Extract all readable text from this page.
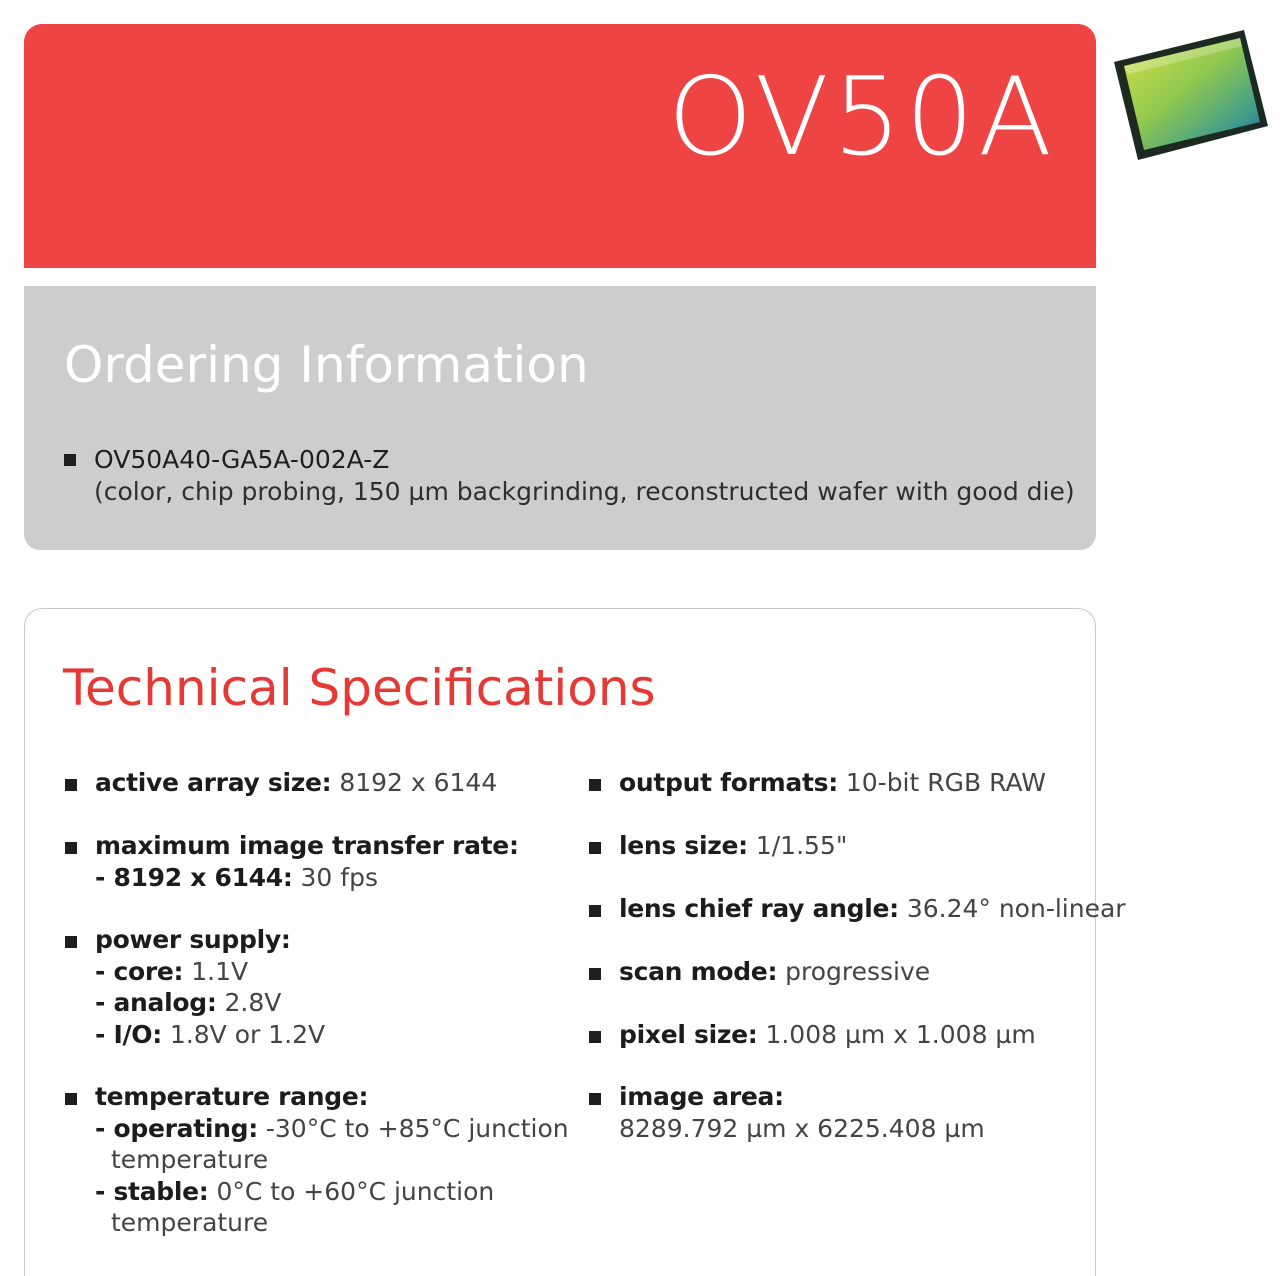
OV50A
Ordering Information
OV50A40-GA5A-002A-Z
(color, chip probing, 150 µm backgrinding, reconstructed wafer with good die)
Technical Specifications
active array size: 8192 x 6144
maximum image transfer rate:
- 8192 x 6144: 30 fps
power supply:
- core: 1.1V
- analog: 2.8V
- I/O: 1.8V or 1.2V
temperature range:
- operating: -30°C to +85°C junction
temperature
- stable: 0°C to +60°C junction
temperature
output formats: 10-bit RGB RAW
lens size: 1/1.55"
lens chief ray angle: 36.24° non-linear
scan mode: progressive
pixel size: 1.008 µm x 1.008 µm
image area:
8289.792 µm x 6225.408 µm
